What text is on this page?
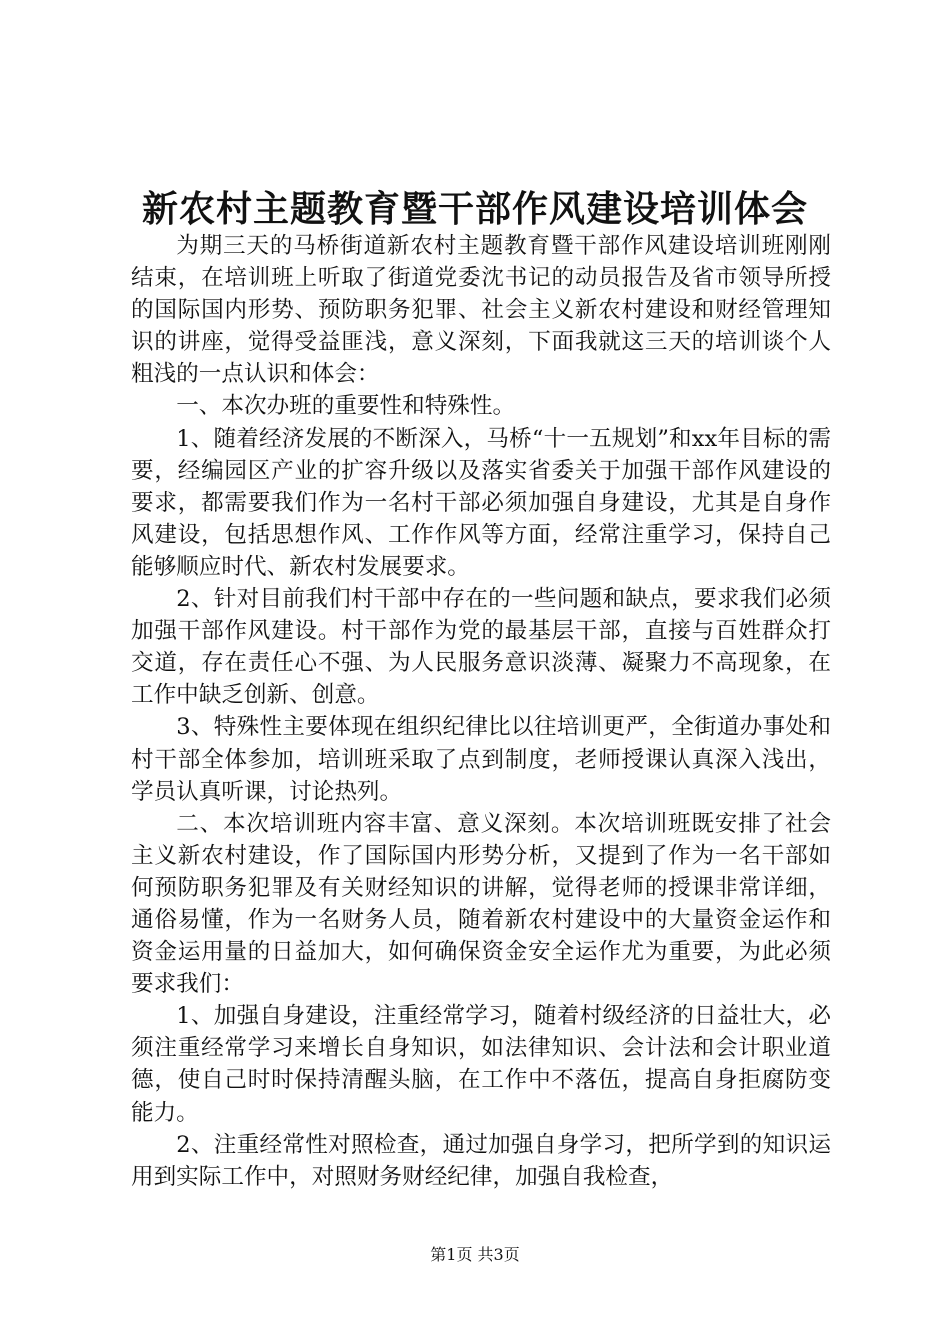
新农村主题教育暨干部作风建设培训体会

为期三天的马桥街道新农村主题教育暨干部作风建设培训班刚刚结束，在培训班上听取了街道党委沈书记的动员报告及省市领导所授的国际国内形势、预防职务犯罪、社会主义新农村建设和财经管理知识的讲座，觉得受益匪浅，意义深刻，下面我就这三天的培训谈个人粗浅的一点认识和体会：

一、本次办班的重要性和特殊性。

1、随着经济发展的不断深入，马桥“十一五规划”和xx年目标的需要，经编园区产业的扩容升级以及落实省委关于加强干部作风建设的要求，都需要我们作为一名村干部必须加强自身建设，尤其是自身作风建设，包括思想作风、工作作风等方面，经常注重学习，保持自己能够顺应时代、新农村发展要求。

2、针对目前我们村干部中存在的一些问题和缺点，要求我们必须加强干部作风建设。村干部作为党的最基层干部，直接与百姓群众打交道，存在责任心不强、为人民服务意识淡薄、凝聚力不高现象，在工作中缺乏创新、创意。

3、特殊性主要体现在组织纪律比以往培训更严，全街道办事处和村干部全体参加，培训班采取了点到制度，老师授课认真深入浅出，学员认真听课，讨论热列。

二、本次培训班内容丰富、意义深刻。本次培训班既安排了社会主义新农村建设，作了国际国内形势分析，又提到了作为一名干部如何预防职务犯罪及有关财经知识的讲解，觉得老师的授课非常详细，通俗易懂，作为一名财务人员，随着新农村建设中的大量资金运作和资金运用量的日益加大，如何确保资金安全运作尤为重要，为此必须要求我们：

1、加强自身建设，注重经常学习，随着村级经济的日益壮大，必须注重经常学习来增长自身知识，如法律知识、会计法和会计职业道德，使自己时时保持清醒头脑，在工作中不落伍，提高自身拒腐防变能力。

2、注重经常性对照检查，通过加强自身学习，把所学到的知识运用到实际工作中，对照财务财经纪律，加强自我检查，

第1页 共3页
